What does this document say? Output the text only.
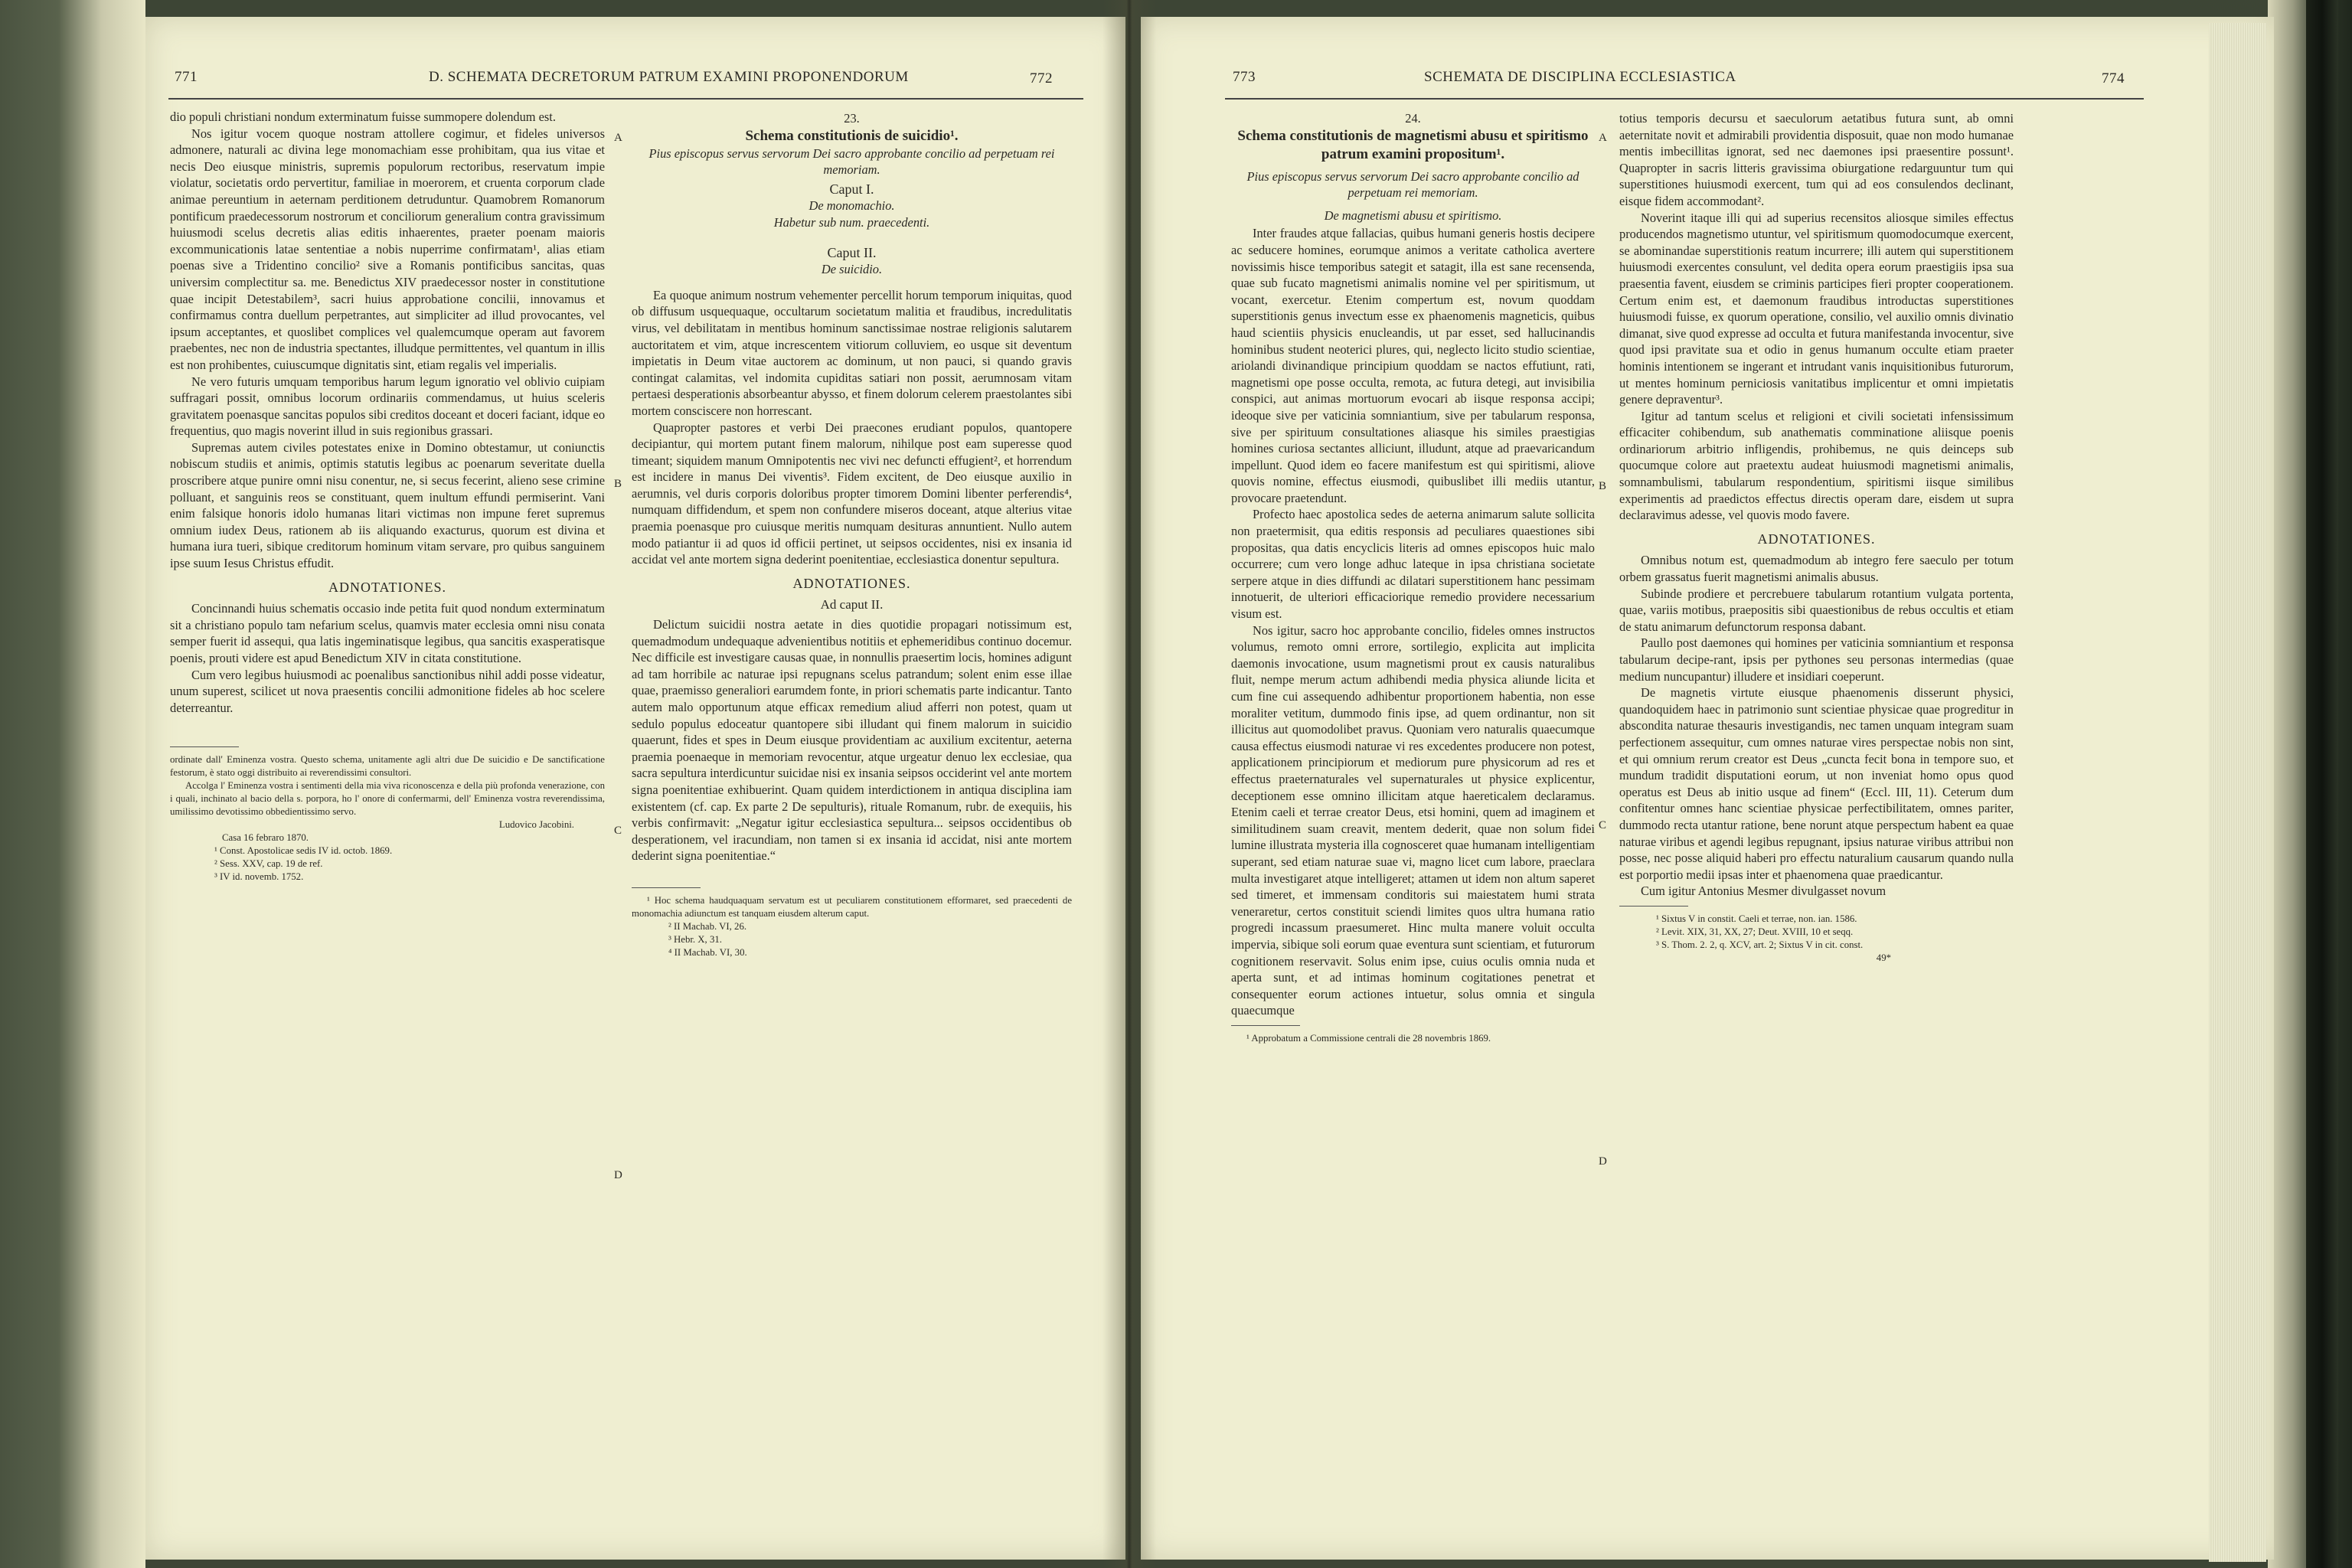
771	D. SCHEMATA DECRETORUM PATRUM EXAMINI PROPONENDORUM	772

dio populi christiani nondum exterminatum fuisse summopere dolendum est.

Nos igitur vocem quoque nostram attollere cogimur, et fideles universos admonere, naturali ac divina lege monomachiam esse prohibitam, qua ius vitae et necis Deo eiusque ministris, supremis populorum rectoribus, reservatum impie violatur, societatis ordo pervertitur, familiae in moerorem, et cruenta corporum clade animae pereuntium in aeternam perditionem detruduntur. Quamobrem Romanorum pontificum praedecessorum nostrorum et conciliorum generalium contra gravissimum huiusmodi scelus decretis alias editis inhaerentes, praeter poenam maioris excommunicationis latae sententiae a nobis nuperrime confirmatam¹, alias etiam poenas sive a Tridentino concilio² sive a Romanis pontificibus sancitas, quas universim complectitur sa. me. Benedictus XIV praedecessor noster in constitutione quae incipit Detestabilem³, sacri huius approbatione concilii, innovamus et confirmamus contra duellum perpetrantes, aut simpliciter ad illud provocantes, vel ipsum acceptantes, et quoslibet complices vel qualemcumque operam aut favorem praebentes, nec non de industria spectantes, illudque permittentes, vel quantum in illis est non prohibentes, cuiuscumque dignitatis sint, etiam regalis vel imperialis.

Ne vero futuris umquam temporibus harum legum ignoratio vel oblivio cuipiam suffragari possit, omnibus locorum ordinariis commendamus, ut huius sceleris gravitatem poenasque sancitas populos sibi creditos doceant et doceri faciant, idque eo frequentius, quo magis noverint illud in suis regionibus grassari.

Supremas autem civiles potestates enixe in Domino obtestamur, ut coniunctis nobiscum studiis et animis, optimis statutis legibus ac poenarum severitate duella proscribere atque punire omni nisu conentur, ne, si secus fecerint, alieno sese crimine polluant, et sanguinis reos se constituant, quem inultum effundi permiserint. Vani enim falsique honoris idolo humanas litari victimas non impune feret supremus omnium iudex Deus, rationem ab iis aliquando exacturus, quorum est divina et humana iura tueri, sibique creditorum hominum vitam servare, pro quibus sanguinem ipse suum Iesus Christus effudit.

ADNOTATIONES.

Concinnandi huius schematis occasio inde petita fuit quod nondum exterminatum sit a christiano populo tam nefarium scelus, quamvis mater ecclesia omni nisu conata semper fuerit id assequi, qua latis ingeminatisque legibus, qua sancitis exasperatisque poenis, prouti videre est apud Benedictum XIV in citata constitutione.

Cum vero legibus huiusmodi ac poenalibus sanctionibus nihil addi posse videatur, unum superest, scilicet ut nova praesentis concilii admonitione fideles ab hoc scelere deterreantur.

ordinate dall' Eminenza vostra. Questo schema, unitamente agli altri due De suicidio e De sanctificatione festorum, è stato oggi distribuito ai reverendissimi consultori.

Accolga l' Eminenza vostra i sentimenti della mia viva riconoscenza e della più profonda venerazione, con i quali, inchinato al bacio della s. porpora, ho l' onore di confermarmi, dell' Eminenza vostra reverendissima, umilissimo devotissimo obbedientissimo servo.

Ludovico Jacobini.

Casa 16 febraro 1870.

¹ Const. Apostolicae sedis IV id. octob. 1869.

² Sess. XXV, cap. 19 de ref.

³ IV id. novemb. 1752.

A
B
C
D
23.
Schema constitutionis de suicidio¹.
Pius episcopus servus servorum Dei sacro approbante concilio ad perpetuam rei memoriam.
Caput I.
De monomachio.
Habetur sub num. praecedenti.
Caput II.
De suicidio.

Ea quoque animum nostrum vehementer percellit horum temporum iniquitas, quod ob diffusum usquequaque, occultarum societatum malitia et fraudibus, incredulitatis virus, vel debilitatam in mentibus hominum sanctissimae nostrae religionis salutarem auctoritatem et vim, atque increscentem vitiorum colluviem, eo usque sit deventum impietatis in Deum vitae auctorem ac dominum, ut non pauci, si quando gravis contingat calamitas, vel indomita cupiditas satiari non possit, aerumnosam vitam pertaesi desperationis absorbeantur abysso, et finem dolorum celerem praestolantes sibi mortem consciscere non horrescant.

Quapropter pastores et verbi Dei praecones erudiant populos, quantopere decipiantur, qui mortem putant finem malorum, nihilque post eam superesse quod timeant; siquidem manum Omnipotentis nec vivi nec defuncti effugient², et horrendum est incidere in manus Dei viventis³. Fidem excitent, de Deo eiusque auxilio in aerumnis, vel duris corporis doloribus propter timorem Domini libenter perferendis⁴, numquam diffidendum, et spem non confundere miseros doceant, atque alterius vitae praemia poenasque pro cuiusque meritis numquam desituras annuntient. Nullo autem modo patiantur ii ad quos id officii pertinet, ut seipsos occidentes, nisi ex insania id accidat vel ante mortem signa dederint poenitentiae, ecclesiastica donentur sepultura.

ADNOTATIONES.
Ad caput II.

Delictum suicidii nostra aetate in dies quotidie propagari notissimum est, quemadmodum undequaque advenientibus notitiis et ephemeridibus continuo docemur. Nec difficile est investigare causas quae, in nonnullis praesertim locis, homines adigunt ad tam horribile ac naturae ipsi repugnans scelus patrandum; solent enim esse illae quae, praemisso generaliori earumdem fonte, in priori schematis parte indicantur. Tanto autem malo opportunum atque efficax remedium aliud afferri non potest, quam ut sedulo populus edoceatur quantopere sibi illudant qui finem malorum in suicidio quaerunt, fides et spes in Deum eiusque providentiam ac auxilium excitentur, aeterna praemia poenaeque in memoriam revocentur, atque urgeatur denuo lex ecclesiae, qua sacra sepultura interdicuntur suicidae nisi ex insania seipsos occiderint vel ante mortem signa poenitentiae exhibuerint. Quam quidem interdictionem in antiqua disciplina iam existentem (cf. cap. Ex parte 2 De sepulturis), rituale Romanum, rubr. de exequiis, his verbis confirmavit: „Negatur igitur ecclesiastica sepultura... seipsos occidentibus ob desperationem, vel iracundiam, non tamen si ex insania id accidat, nisi ante mortem dederint signa poenitentiae.“

¹ Hoc schema haudquaquam servatum est ut peculiarem constitutionem efformaret, sed praecedenti de monomachia adiunctum est tanquam eiusdem alterum caput.

² II Machab. VI, 26.

³ Hebr. X, 31.

⁴ II Machab. VI, 30.

773	SCHEMATA DE DISCIPLINA ECCLESIASTICA	774
A
B
C
D
24.
Schema constitutionis de magnetismi abusu et spiritismo patrum examini propositum¹.
Pius episcopus servus servorum Dei sacro approbante concilio ad perpetuam rei memoriam.
De magnetismi abusu et spiritismo.

Inter fraudes atque fallacias, quibus humani generis hostis decipere ac seducere homines, eorumque animos a veritate catholica avertere novissimis hisce temporibus sategit et satagit, illa est sane recensenda, quae sub fucato magnetismi animalis nomine vel per spiritismum, ut vocant, exercetur. Etenim compertum est, novum quoddam superstitionis genus invectum esse ex phaenomenis magneticis, quibus haud scientiis physicis enucleandis, ut par esset, sed hallucinandis hominibus student neoterici plures, qui, neglecto licito studio scientiae, ariolandi divinandique principium quoddam se nactos effutiunt, rati, magnetismi ope posse occulta, remota, ac futura detegi, aut invisibilia conspici, aut animas mortuorum evocari ab iisque responsa accipi; ideoque sive per vaticinia somniantium, sive per tabularum responsa, sive per spirituum consultationes aliasque his similes praestigias homines curiosa sectantes alliciunt, illudunt, atque ad praevaricandum impellunt. Quod idem eo facere manifestum est qui spiritismi, aliove quovis nomine, effectus eiusmodi, quibuslibet illi mediis utantur, provocare praetendunt.

Profecto haec apostolica sedes de aeterna animarum salute sollicita non praetermisit, qua editis responsis ad peculiares quaestiones sibi propositas, qua datis encyclicis literis ad omnes episcopos huic malo occurrere; cum vero longe adhuc lateque in ipsa christiana societate serpere atque in dies diffundi ac dilatari superstitionem hanc pessimam innotuerit, de ulteriori efficaciorique remedio providere necessarium visum est.

Nos igitur, sacro hoc approbante concilio, fideles omnes instructos volumus, remoto omni errore, sortilegio, explicita aut implicita daemonis invocatione, usum magnetismi prout ex causis naturalibus fluit, nempe merum actum adhibendi media physica aliunde licita et cum fine cui assequendo adhibentur proportionem habentia, non esse moraliter vetitum, dummodo finis ipse, ad quem ordinantur, non sit illicitus aut quomodolibet pravus. Quoniam vero naturalis quaecumque causa effectus eiusmodi naturae vi res excedentes producere non potest, applicationem principiorum et mediorum pure physicorum ad res et effectus praeternaturales vel supernaturales ut physice explicentur, deceptionem esse omnino illicitam atque haereticalem declaramus. Etenim caeli et terrae creator Deus, etsi homini, quem ad imaginem et similitudinem suam creavit, mentem dederit, quae non solum fidei lumine illustrata mysteria illa cognosceret quae humanam intelligentiam superant, sed etiam naturae suae vi, magno licet cum labore, praeclara multa investigaret atque intelligeret; attamen ut idem non altum saperet sed timeret, et immensam conditoris sui maiestatem humi strata veneraretur, certos constituit sciendi limites quos ultra humana ratio progredi incassum praesumeret. Hinc multa manere voluit occulta impervia, sibique soli eorum quae eventura sunt scientiam, et futurorum cognitionem reservavit. Solus enim ipse, cuius oculis omnia nuda et aperta sunt, et ad intimas hominum cogitationes penetrat et consequenter eorum actiones intuetur, solus omnia et singula quaecumque

¹ Approbatum a Commissione centrali die 28 novembris 1869.

totius temporis decursu et saeculorum aetatibus futura sunt, ab omni aeternitate novit et admirabili providentia disposuit, quae non modo humanae mentis imbecillitas ignorat, sed nec daemones ipsi praesentire possunt¹. Quapropter in sacris litteris gravissima obiurgatione redarguuntur tum qui superstitiones huiusmodi exercent, tum qui ad eos consulendos declinant, eisque fidem accommodant².

Noverint itaque illi qui ad superius recensitos aliosque similes effectus producendos magnetismo utuntur, vel spiritismum quomodocumque exercent, se abominandae superstitionis reatum incurrere; illi autem qui superstitionem huiusmodi exercentes consulunt, vel dedita opera eorum praestigiis ipsa sua praesentia favent, eiusdem se criminis participes fieri propter cooperationem. Certum enim est, et daemonum fraudibus introductas superstitiones huiusmodi fuisse, ex quorum operatione, consilio, vel auxilio omnis divinatio dimanat, sive quod expresse ad occulta et futura manifestanda invocentur, sive quod ipsi pravitate sua et odio in genus humanum occulte etiam praeter hominis intentionem se ingerant et intrudant vanis inquisitionibus futurorum, ut mentes hominum perniciosis vanitatibus implicentur et omni impietatis genere depraventur³.

Igitur ad tantum scelus et religioni et civili societati infensissimum efficaciter cohibendum, sub anathematis comminatione aliisque poenis ordinariorum arbitrio infligendis, prohibemus, ne quis deinceps sub quocumque colore aut praetextu audeat huiusmodi magnetismi animalis, somnambulismi, tabularum respondentium, spiritismi iisque similibus experimentis ad praedictos effectus directis operam dare, eisdem ut supra declaravimus adesse, vel quovis modo favere.

ADNOTATIONES.

Omnibus notum est, quemadmodum ab integro fere saeculo per totum orbem grassatus fuerit magnetismi animalis abusus.

Subinde prodiere et percrebuere tabularum rotantium vulgata portenta, quae, variis motibus, praepositis sibi quaestionibus de rebus occultis et etiam de statu animarum defunctorum responsa dabant.

Paullo post daemones qui homines per vaticinia somniantium et responsa tabularum decipe-rant, ipsis per pythones seu personas intermedias (quae medium nuncupantur) illudere et insidiari coeperunt.

De magnetis virtute eiusque phaenomenis disserunt physici, quandoquidem haec in patrimonio sunt scientiae physicae quae progreditur in abscondita naturae thesauris investigandis, nec tamen unquam integram suam perfectionem assequitur, cum omnes naturae vires perspectae nobis non sint, et qui omnium rerum creator est Deus „cuncta fecit bona in tempore suo, et mundum tradidit disputationi eorum, ut non inveniat homo opus quod operatus est Deus ab initio usque ad finem“ (Eccl. III, 11). Ceterum dum confitentur omnes hanc scientiae physicae perfectibilitatem, omnes pariter, dummodo recta utantur ratione, bene norunt atque perspectum habent ea quae naturae viribus et agendi legibus repugnant, ipsius naturae viribus attribui non posse, nec posse aliquid haberi pro effectu naturalium causarum quando nulla est porportio medii ipsas inter et phaenomena quae praedicantur.

Cum igitur Antonius Mesmer divulgasset novum

¹ Sixtus V in constit. Caeli et terrae, non. ian. 1586.

² Levit. XIX, 31, XX, 27; Deut. XVIII, 10 et seqq.

³ S. Thom. 2. 2, q. XCV, art. 2; Sixtus V in cit. const.

49*
